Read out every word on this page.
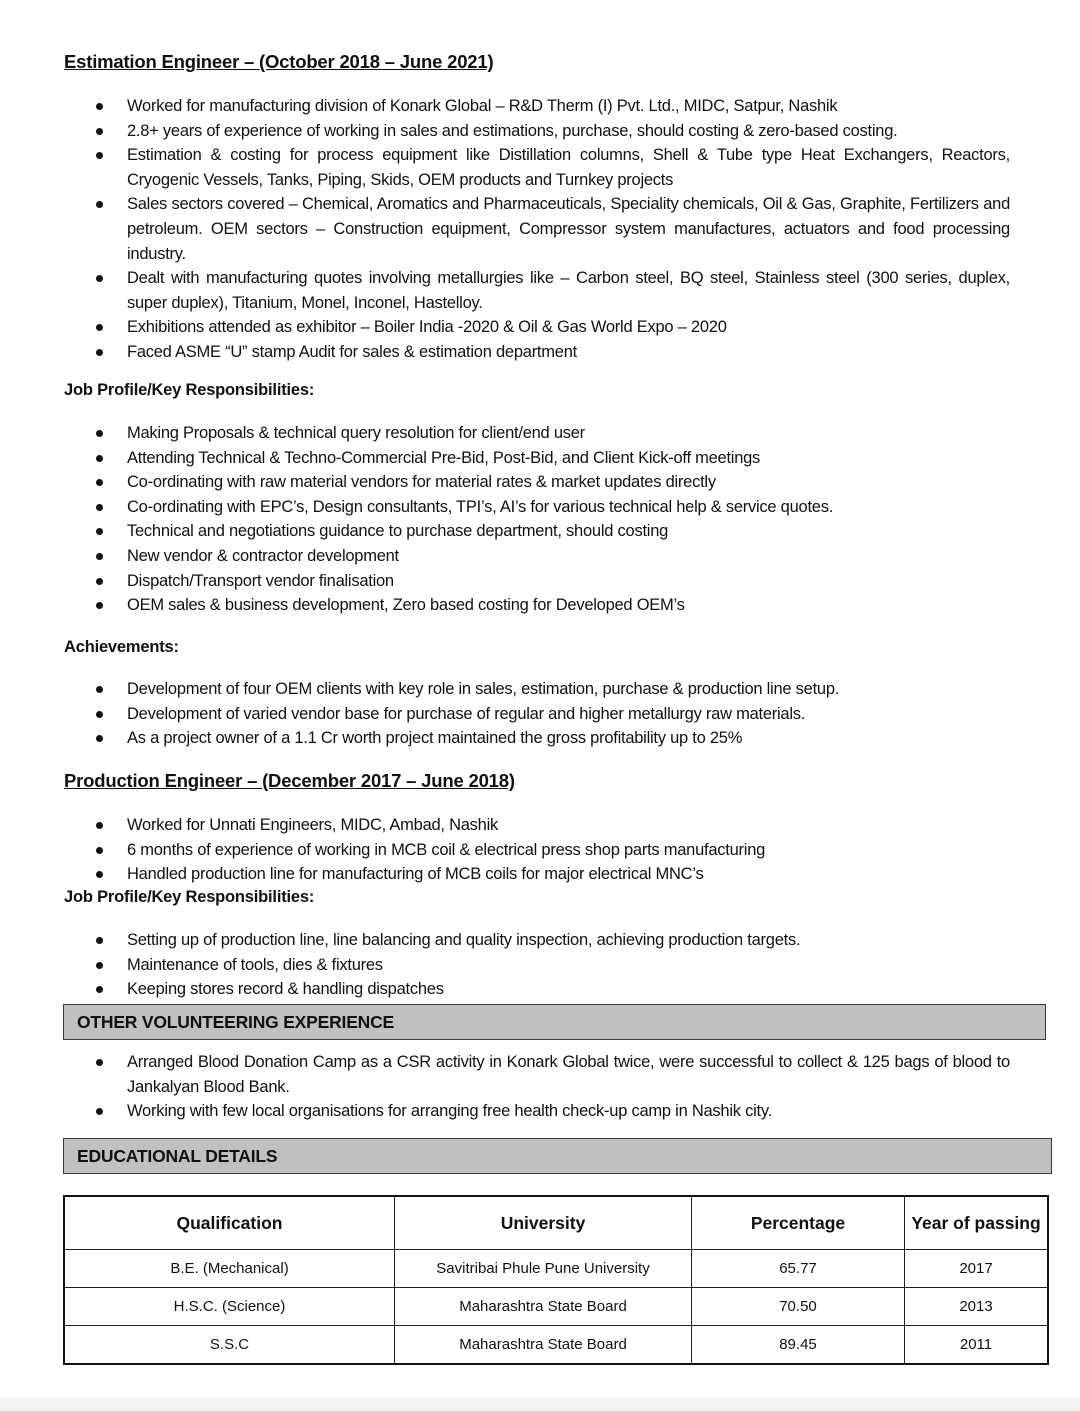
Estimation Engineer – (October 2018 – June 2021)
Worked for manufacturing division of Konark Global – R&D Therm (I) Pvt. Ltd., MIDC, Satpur, Nashik
2.8+ years of experience of working in sales and estimations, purchase, should costing & zero-based costing.
Estimation & costing for process equipment like Distillation columns, Shell & Tube type Heat Exchangers, Reactors, Cryogenic Vessels, Tanks, Piping, Skids, OEM products and Turnkey projects
Sales sectors covered – Chemical, Aromatics and Pharmaceuticals, Speciality chemicals, Oil & Gas, Graphite, Fertilizers and petroleum. OEM sectors – Construction equipment, Compressor system manufactures, actuators and food processing industry.
Dealt with manufacturing quotes involving metallurgies like – Carbon steel, BQ steel, Stainless steel (300 series, duplex, super duplex), Titanium, Monel, Inconel, Hastelloy.
Exhibitions attended as exhibitor – Boiler India -2020 & Oil & Gas World Expo – 2020
Faced ASME “U” stamp Audit for sales & estimation department
Job Profile/Key Responsibilities:
Making Proposals & technical query resolution for client/end user
Attending Technical & Techno-Commercial Pre-Bid, Post-Bid, and Client Kick-off meetings
Co-ordinating with raw material vendors for material rates & market updates directly
Co-ordinating with EPC’s, Design consultants, TPI’s, AI’s for various technical help & service quotes.
Technical and negotiations guidance to purchase department, should costing
New vendor & contractor development
Dispatch/Transport vendor finalisation
OEM sales & business development, Zero based costing for Developed OEM’s
Achievements:
Development of four OEM clients with key role in sales, estimation, purchase & production line setup.
Development of varied vendor base for purchase of regular and higher metallurgy raw materials.
As a project owner of a 1.1 Cr worth project maintained the gross profitability up to 25%
Production Engineer – (December 2017 – June 2018)
Worked for Unnati Engineers, MIDC, Ambad, Nashik
6 months of experience of working in MCB coil & electrical press shop parts manufacturing
Handled production line for manufacturing of MCB coils for major electrical MNC’s
Job Profile/Key Responsibilities:
Setting up of production line, line balancing and quality inspection, achieving production targets.
Maintenance of tools, dies & fixtures
Keeping stores record & handling dispatches
OTHER VOLUNTEERING EXPERIENCE
Arranged Blood Donation Camp as a CSR activity in Konark Global twice, were successful to collect & 125 bags of blood to Jankalyan Blood Bank.
Working with few local organisations for arranging free health check-up camp in Nashik city.
EDUCATIONAL DETAILS
Qualification	University	Percentage	Year of passing
B.E. (Mechanical)	Savitribai Phule Pune University	65.77	2017
H.S.C. (Science)	Maharashtra State Board	70.50	2013
S.S.C	Maharashtra State Board	89.45	2011
